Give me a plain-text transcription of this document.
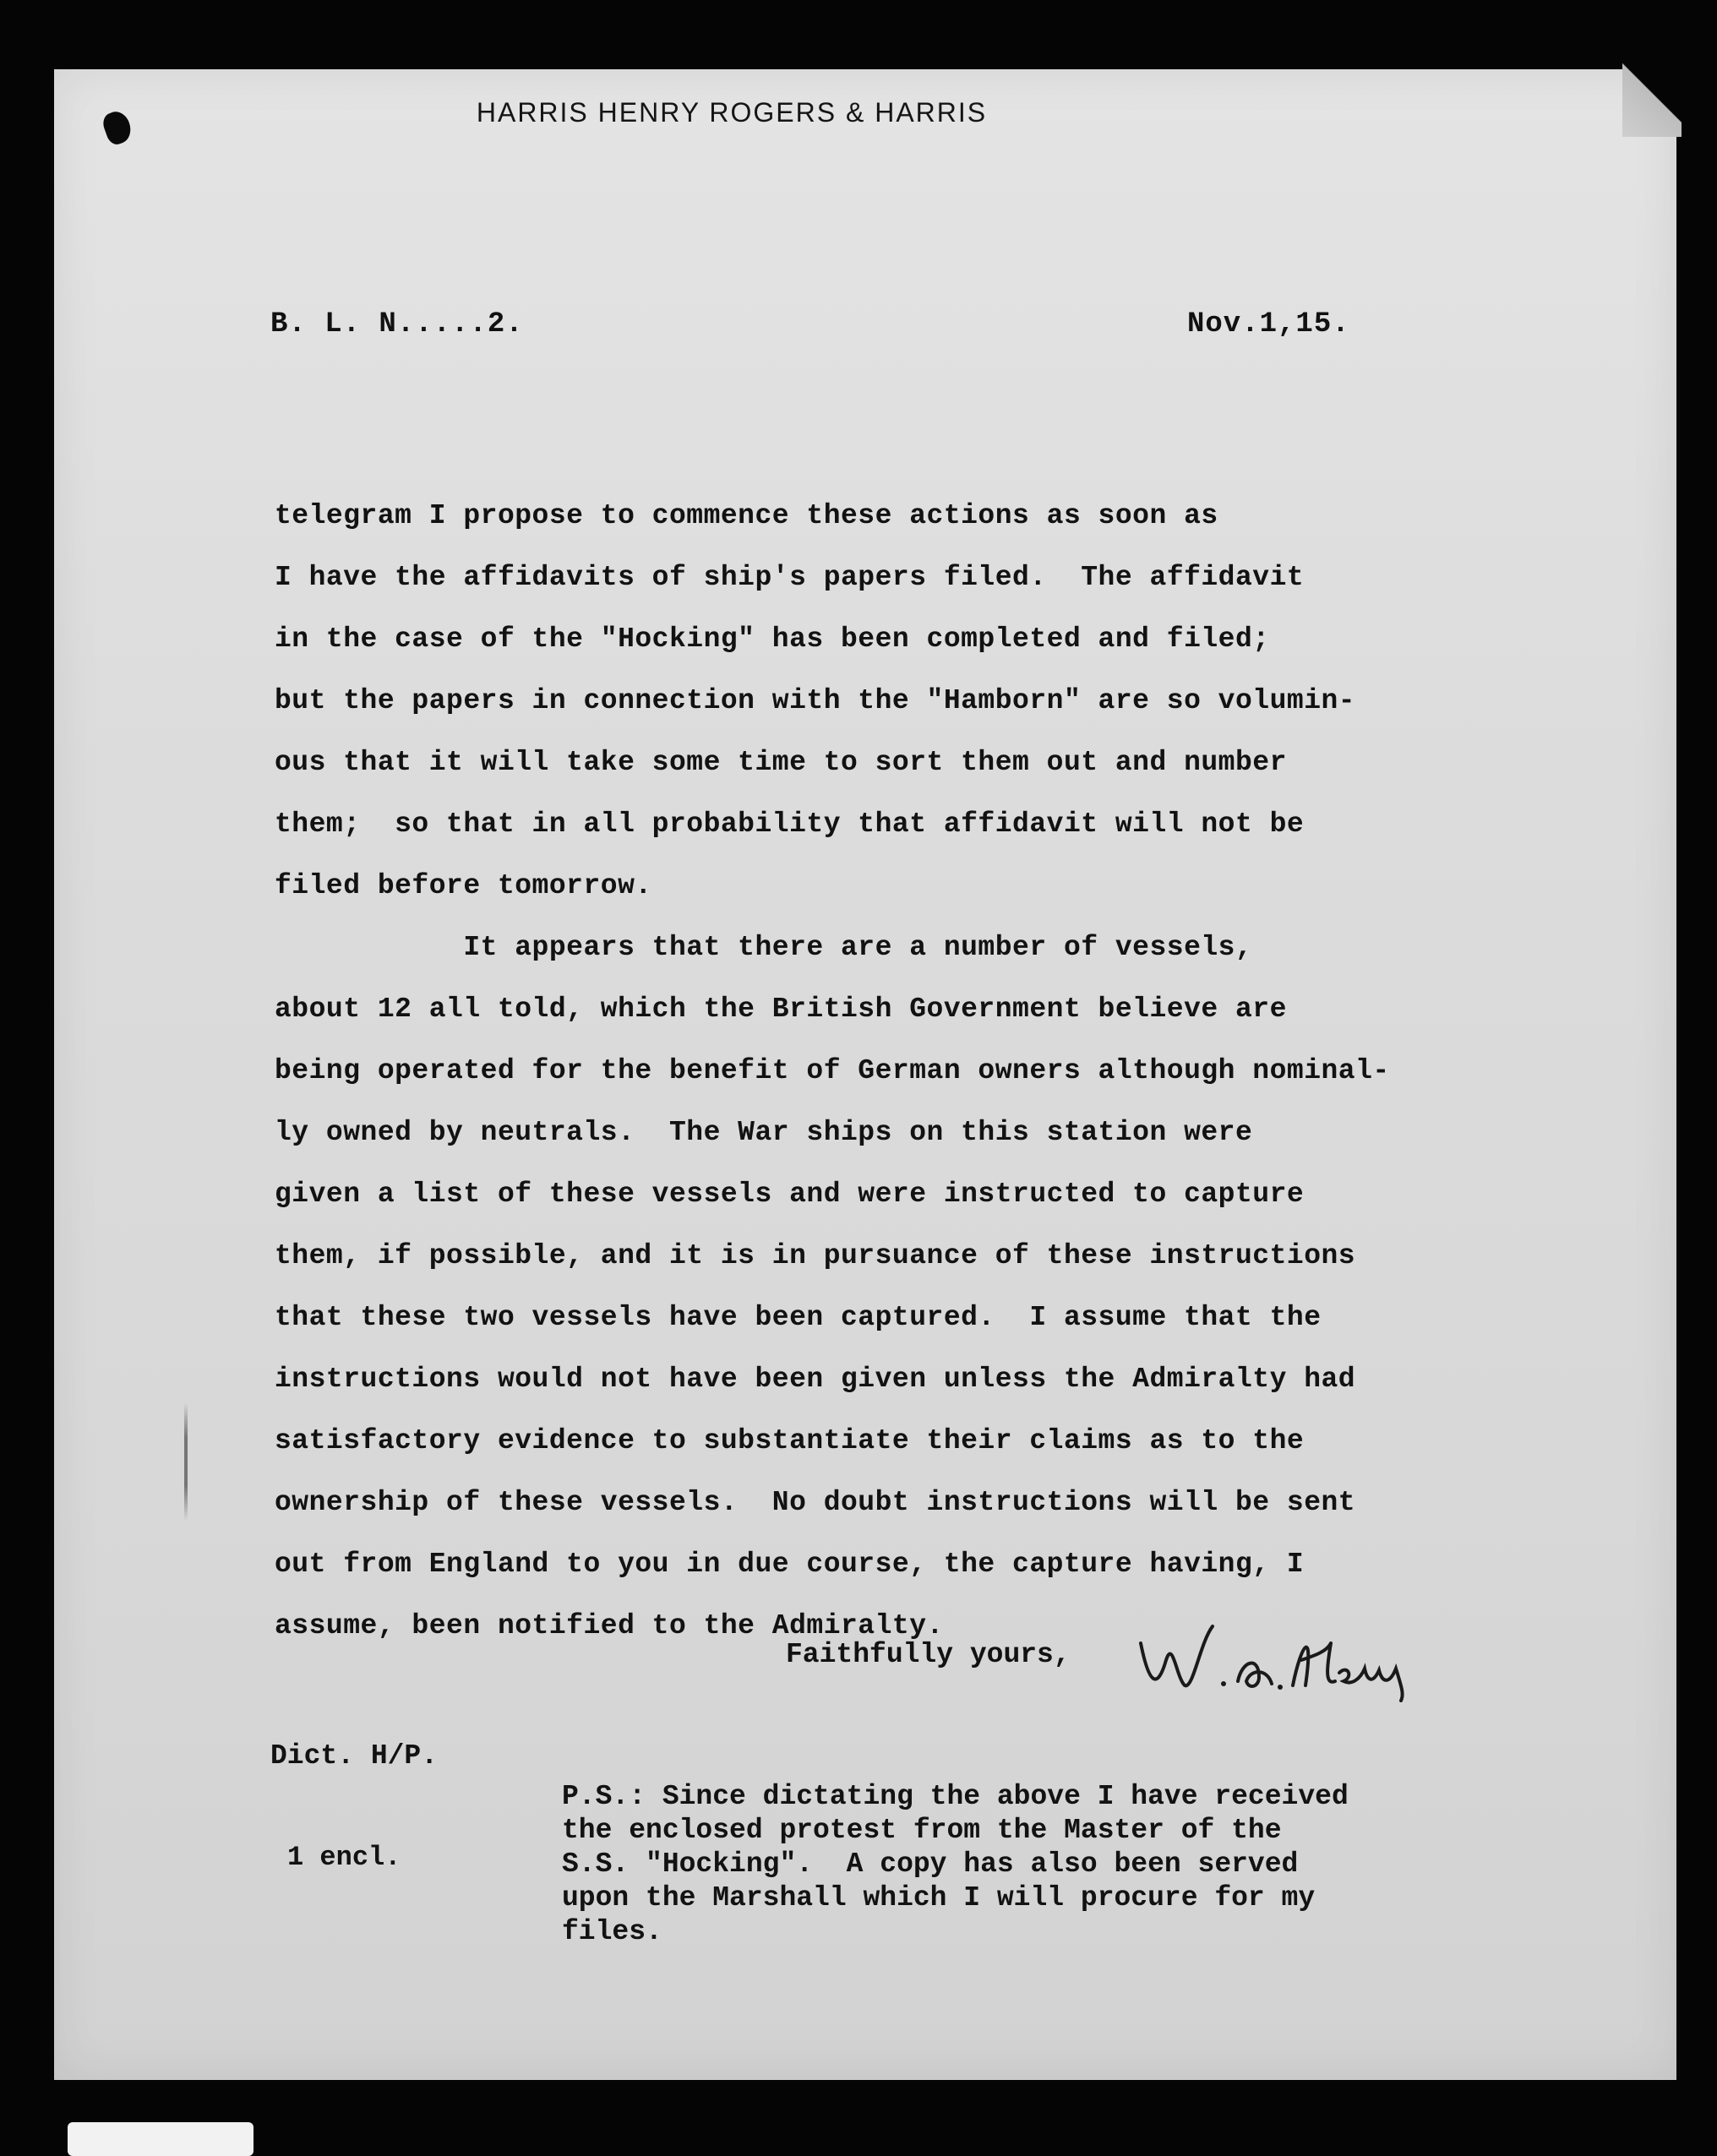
HARRIS HENRY ROGERS & HARRIS
B. L. N.....2.	Nov.1,15.
telegram I propose to commence these actions as soon as
I have the affidavits of ship's papers filed.  The affidavit
in the case of the "Hocking" has been completed and filed;
but the papers in connection with the "Hamborn" are so volumin-
ous that it will take some time to sort them out and number
them;  so that in all probability that affidavit will not be
filed before tomorrow.
It appears that there are a number of vessels,
about 12 all told, which the British Government believe are
being operated for the benefit of German owners although nominal-
ly owned by neutrals.  The War ships on this station were
given a list of these vessels and were instructed to capture
them, if possible, and it is in pursuance of these instructions
that these two vessels have been captured.  I assume that the
instructions would not have been given unless the Admiralty had
satisfactory evidence to substantiate their claims as to the
ownership of these vessels.  No doubt instructions will be sent
out from England to you in due course, the capture having, I
assume, been notified to the Admiralty.
Faithfully yours,
Dict. H/P.
1 encl.
P.S.: Since dictating the above I have received
the enclosed protest from the Master of the
S.S. "Hocking".  A copy has also been served
upon the Marshall which I will procure for my
files.
